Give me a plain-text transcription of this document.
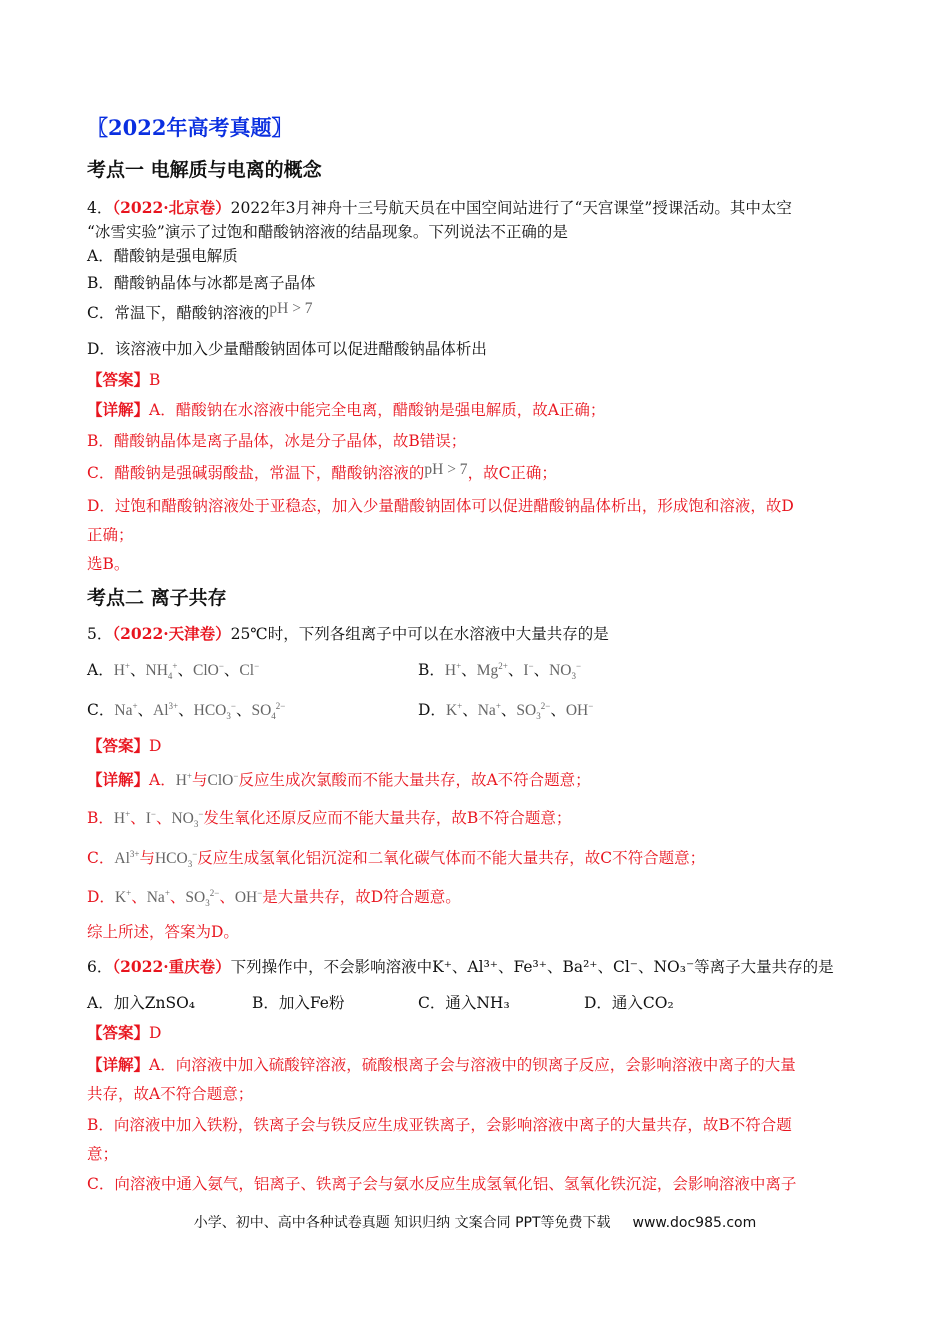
〖2022年高考真题〗
考点一 电解质与电离的概念
4．（2022·北京卷）2022年3月神舟十三号航天员在中国空间站进行了“天宫课堂”授课活动。其中太空
“冰雪实验”演示了过饱和醋酸钠溶液的结晶现象。下列说法不正确的是
A．醋酸钠是强电解质
B．醋酸钠晶体与冰都是离子晶体
C．常温下，醋酸钠溶液的pH > 7
D．该溶液中加入少量醋酸钠固体可以促进醋酸钠晶体析出
【答案】B
【详解】A．醋酸钠在水溶液中能完全电离，醋酸钠是强电解质，故A正确；
B．醋酸钠晶体是离子晶体，冰是分子晶体，故B错误；
C．醋酸钠是强碱弱酸盐，常温下，醋酸钠溶液的pH > 7，故C正确；
D．过饱和醋酸钠溶液处于亚稳态，加入少量醋酸钠固体可以促进醋酸钠晶体析出，形成饱和溶液，故D
正确；
选B。
考点二 离子共存
5．（2022·天津卷）25℃时，下列各组离子中可以在水溶液中大量共存的是
A．H+、$NH_4^+$、ClO−、Cl−	B．H+、$Mg^{2+}$、I−、$NO_3^-$
C．Na+、$Al^{3+}$、$HCO_3^-$、$SO_4^{2-}$	D．K+、Na+、$SO_3^{2-}$、OH−
【答案】D
【详解】A．H+与ClO−反应生成次氯酸而不能大量共存，故A不符合题意；
B．H+、I−、$NO_3^-$发生氧化还原反应而不能大量共存，故B不符合题意；
C．$Al^{3+}$与$HCO_3^-$反应生成氢氧化铝沉淀和二氧化碳气体而不能大量共存，故C不符合题意；
D．K+、Na+、$SO_3^{2-}$、OH−是大量共存，故D符合题意。
综上所述，答案为D。
6．（2022·重庆卷）下列操作中，不会影响溶液中K⁺、Al³⁺、Fe³⁺、Ba²⁺、Cl⁻、NO₃⁻等离子大量共存的是
A．加入ZnSO₄	B．加入Fe粉	C．通入NH₃	D．通入CO₂
【答案】D
【详解】A．向溶液中加入硫酸锌溶液，硫酸根离子会与溶液中的钡离子反应，会影响溶液中离子的大量
共存，故A不符合题意；
B．向溶液中加入铁粉，铁离子会与铁反应生成亚铁离子，会影响溶液中离子的大量共存，故B不符合题
意；
C．向溶液中通入氨气，铝离子、铁离子会与氨水反应生成氢氧化铝、氢氧化铁沉淀，会影响溶液中离子
小学、初中、高中各种试卷真题 知识归纳 文案合同 PPT等免费下载 www.doc985.com
